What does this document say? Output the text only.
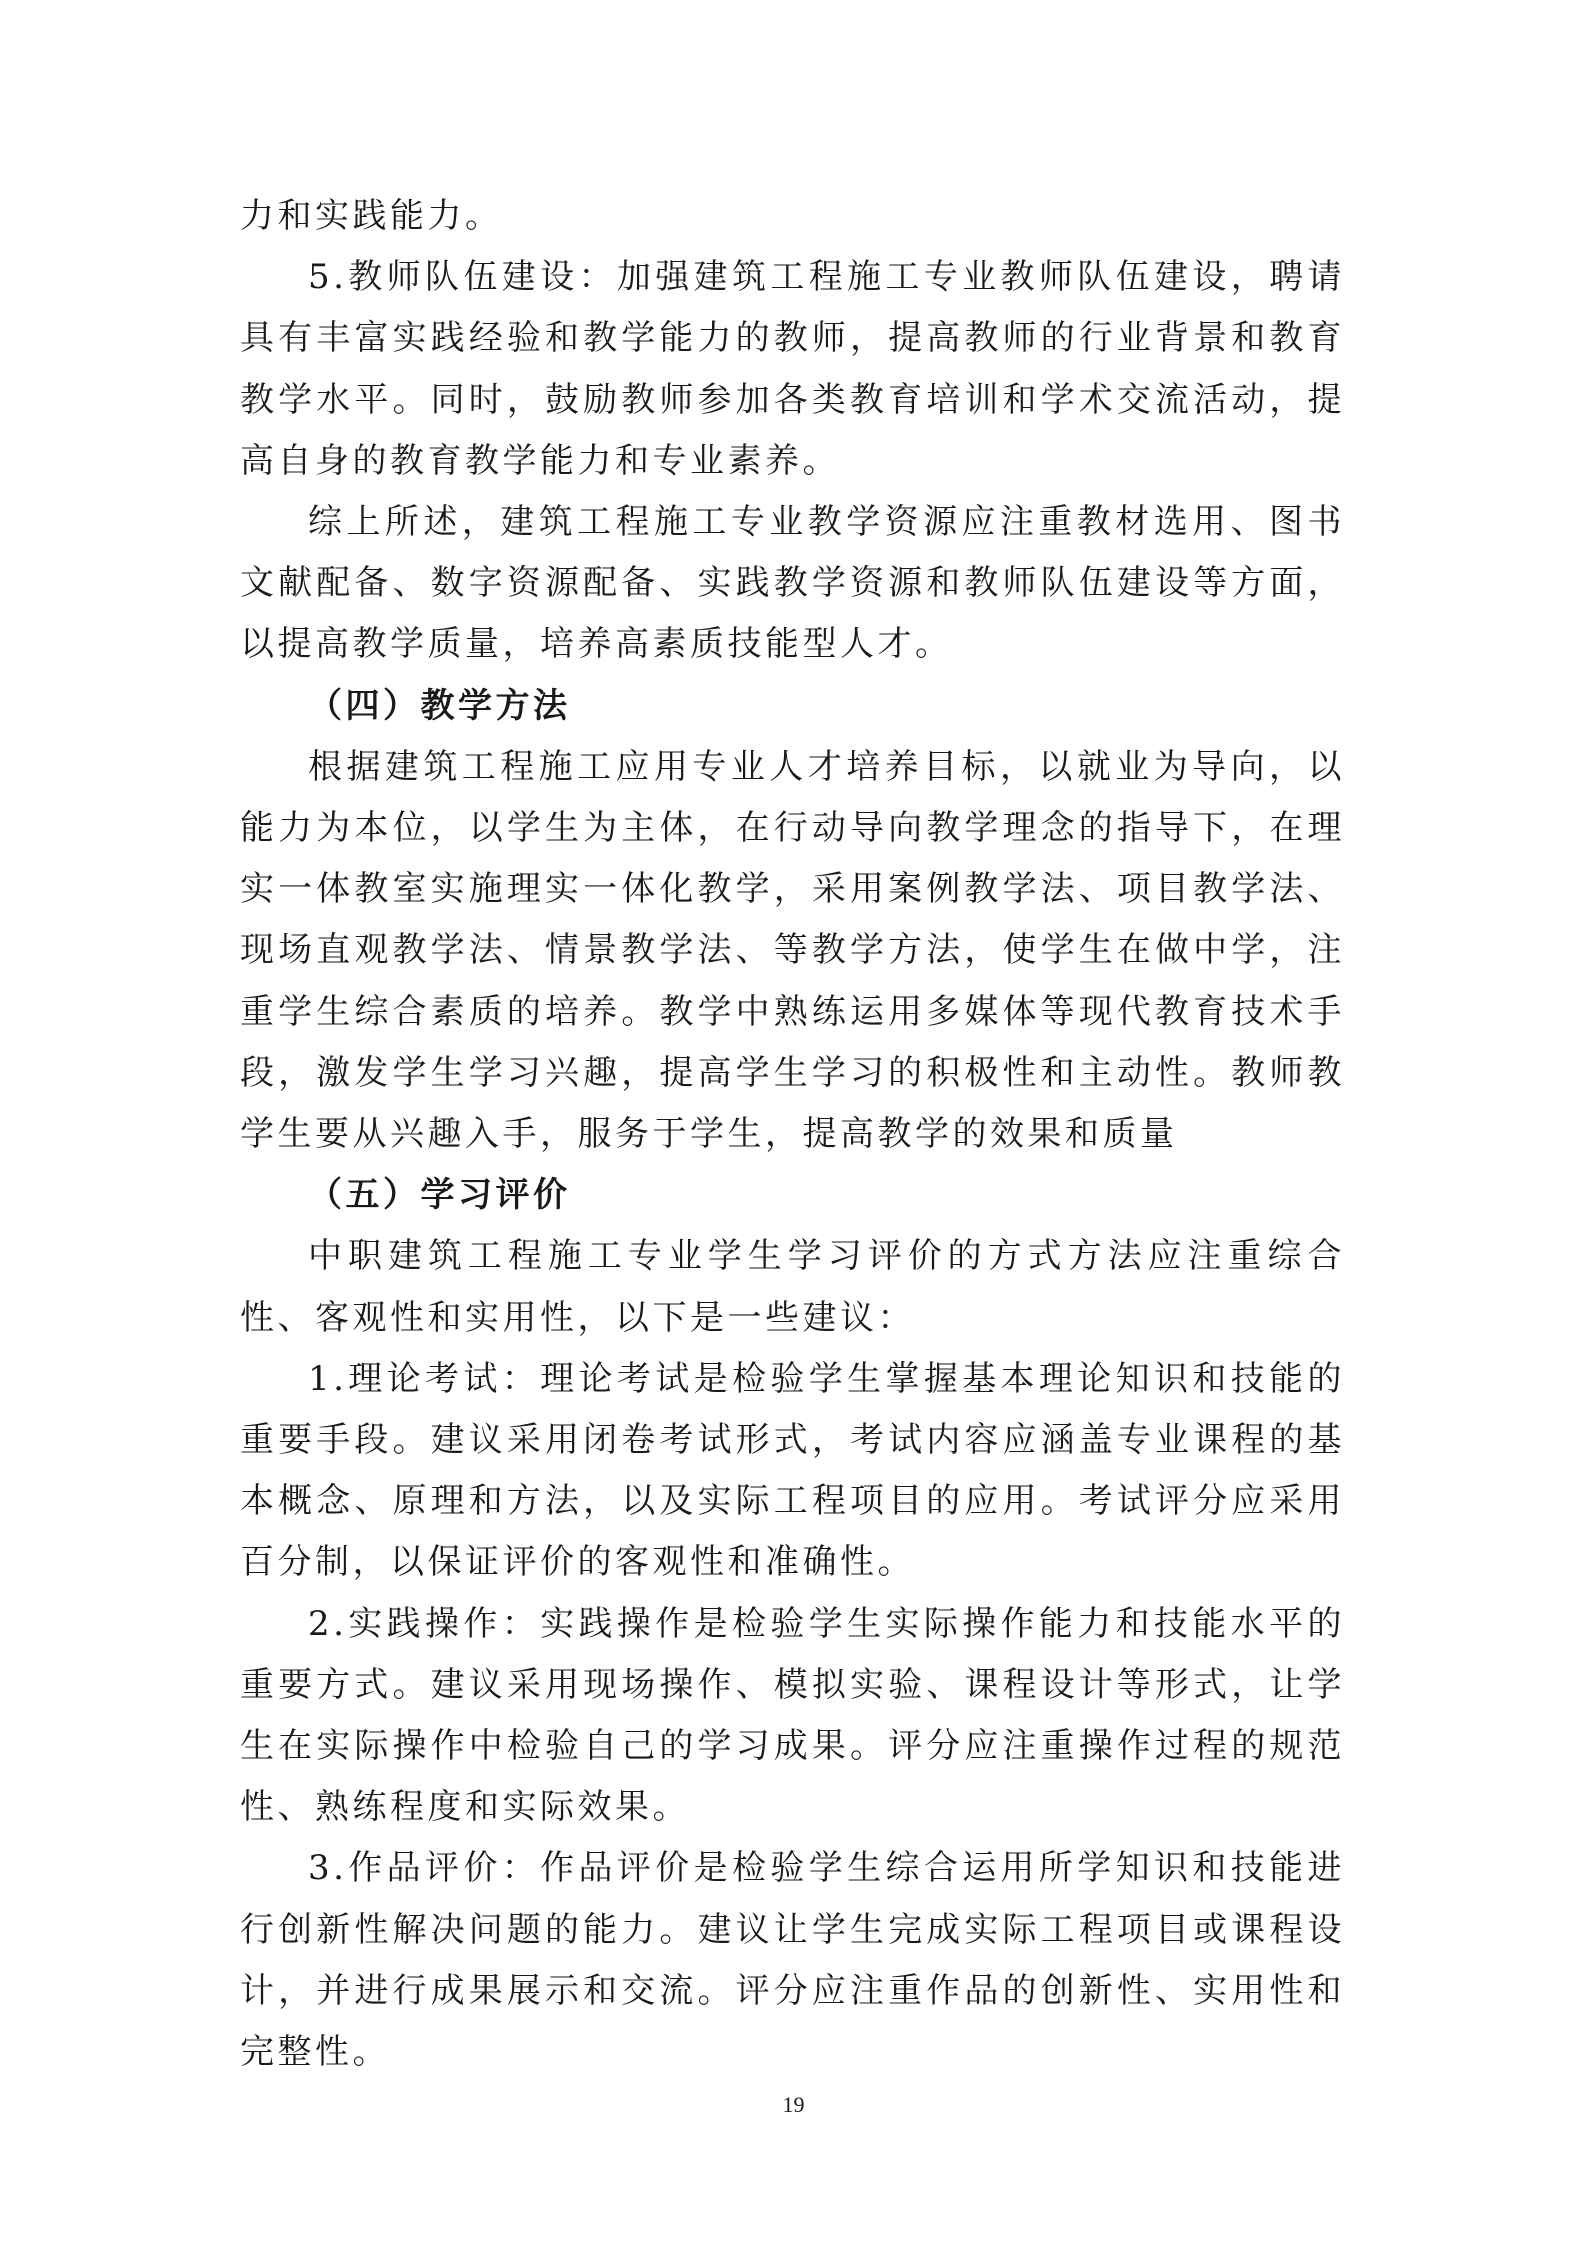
力和实践能力。

5.教师队伍建设：加强建筑工程施工专业教师队伍建设，聘请具有丰富实践经验和教学能力的教师，提高教师的行业背景和教育教学水平。同时，鼓励教师参加各类教育培训和学术交流活动，提高自身的教育教学能力和专业素养。

综上所述，建筑工程施工专业教学资源应注重教材选用、图书文献配备、数字资源配备、实践教学资源和教师队伍建设等方面，以提高教学质量，培养高素质技能型人才。

（四）教学方法

根据建筑工程施工应用专业人才培养目标，以就业为导向，以能力为本位，以学生为主体，在行动导向教学理念的指导下，在理实一体教室实施理实一体化教学，采用案例教学法、项目教学法、现场直观教学法、情景教学法、等教学方法，使学生在做中学，注重学生综合素质的培养。教学中熟练运用多媒体等现代教育技术手段，激发学生学习兴趣，提高学生学习的积极性和主动性。教师教学生要从兴趣入手，服务于学生，提高教学的效果和质量

（五）学习评价

中职建筑工程施工专业学生学习评价的方式方法应注重综合性、客观性和实用性，以下是一些建议：

1.理论考试：理论考试是检验学生掌握基本理论知识和技能的重要手段。建议采用闭卷考试形式，考试内容应涵盖专业课程的基本概念、原理和方法，以及实际工程项目的应用。考试评分应采用百分制，以保证评价的客观性和准确性。

2.实践操作：实践操作是检验学生实际操作能力和技能水平的重要方式。建议采用现场操作、模拟实验、课程设计等形式，让学生在实际操作中检验自己的学习成果。评分应注重操作过程的规范性、熟练程度和实际效果。

3.作品评价：作品评价是检验学生综合运用所学知识和技能进行创新性解决问题的能力。建议让学生完成实际工程项目或课程设计，并进行成果展示和交流。评分应注重作品的创新性、实用性和完整性。

19
